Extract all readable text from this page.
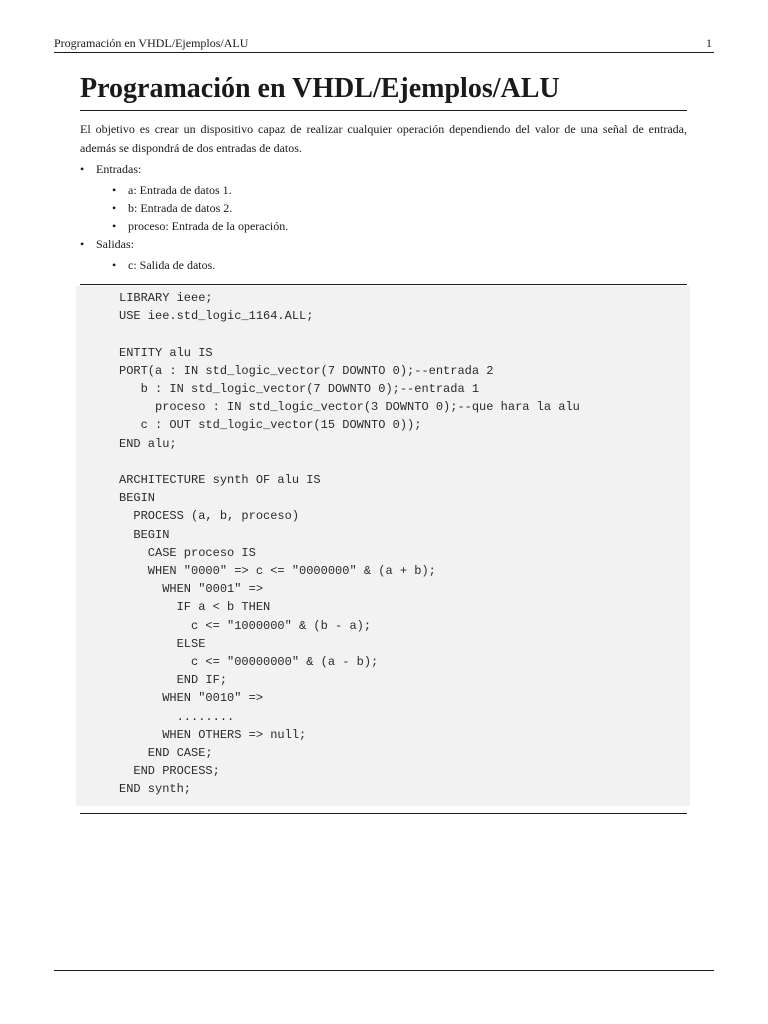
Programación en VHDL/Ejemplos/ALU	1
Programación en VHDL/Ejemplos/ALU

El objetivo es crear un dispositivo capaz de realizar cualquier operación dependiendo del valor de una señal de entrada, además se dispondrá de dos entradas de datos.

• Entradas:
• a: Entrada de datos 1.
• b: Entrada de datos 2.
• proceso: Entrada de la operación.
• Salidas:
• c: Salida de datos.
LIBRARY ieee;
USE iee.std_logic_1164.ALL;

ENTITY alu IS
PORT(a : IN std_logic_vector(7 DOWNTO 0);--entrada 2
b : IN std_logic_vector(7 DOWNTO 0);--entrada 1
proceso : IN std_logic_vector(3 DOWNTO 0);--que hara la alu
c : OUT std_logic_vector(15 DOWNTO 0));
END alu;

ARCHITECTURE synth OF alu IS
BEGIN
PROCESS (a, b, proceso)
BEGIN
CASE proceso IS
WHEN "0000" => c <= "0000000" & (a + b);
WHEN "0001" =>
IF a < b THEN
c <= "1000000" & (b - a);
ELSE
c <= "00000000" & (a - b);
END IF;
WHEN "0010" =>
........
WHEN OTHERS => null;
END CASE;
END PROCESS;
END synth;
